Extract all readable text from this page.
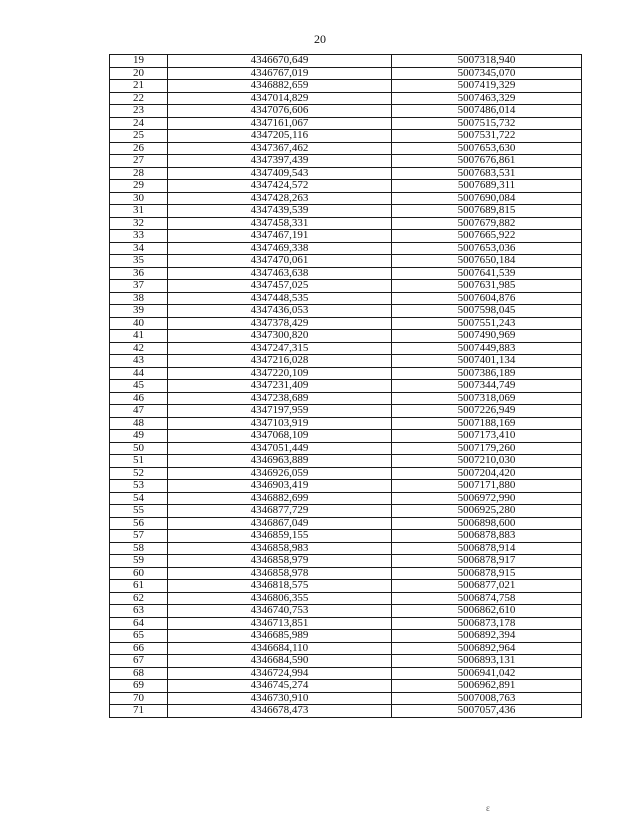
20
19	4346670,649	5007318,940
20	4346767,019	5007345,070
21	4346882,659	5007419,329
22	4347014,829	5007463,329
23	4347076,606	5007486,014
24	4347161,067	5007515,732
25	4347205,116	5007531,722
26	4347367,462	5007653,630
27	4347397,439	5007676,861
28	4347409,543	5007683,531
29	4347424,572	5007689,311
30	4347428,263	5007690,084
31	4347439,539	5007689,815
32	4347458,331	5007679,882
33	4347467,191	5007665,922
34	4347469,338	5007653,036
35	4347470,061	5007650,184
36	4347463,638	5007641,539
37	4347457,025	5007631,985
38	4347448,535	5007604,876
39	4347436,053	5007598,045
40	4347378,429	5007551,243
41	4347300,820	5007490,969
42	4347247,315	5007449,883
43	4347216,028	5007401,134
44	4347220,109	5007386,189
45	4347231,409	5007344,749
46	4347238,689	5007318,069
47	4347197,959	5007226,949
48	4347103,919	5007188,169
49	4347068,109	5007173,410
50	4347051,449	5007179,260
51	4346963,889	5007210,030
52	4346926,059	5007204,420
53	4346903,419	5007171,880
54	4346882,699	5006972,990
55	4346877,729	5006925,280
56	4346867,049	5006898,600
57	4346859,155	5006878,883
58	4346858,983	5006878,914
59	4346858,979	5006878,917
60	4346858,978	5006878,915
61	4346818,575	5006877,021
62	4346806,355	5006874,758
63	4346740,753	5006862,610
64	4346713,851	5006873,178
65	4346685,989	5006892,394
66	4346684,110	5006892,964
67	4346684,590	5006893,131
68	4346724,994	5006941,042
69	4346745,274	5006962,891
70	4346730,910	5007008,763
71	4346678,473	5007057,436
ε
